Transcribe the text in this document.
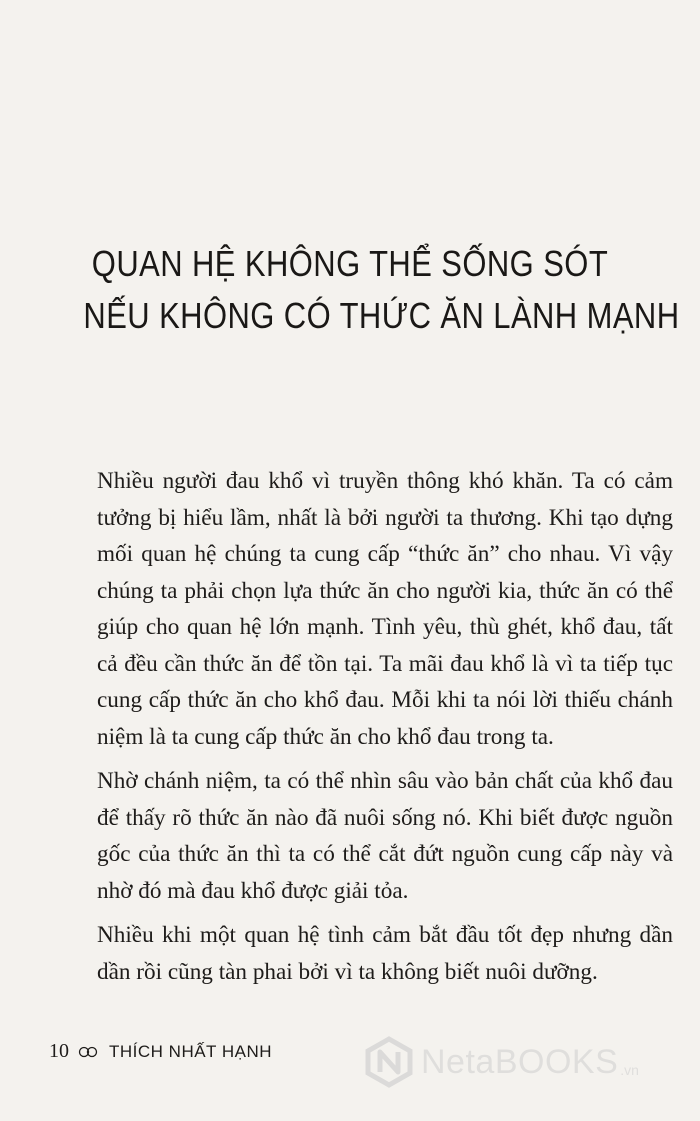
QUAN HỆ KHÔNG THỂ SỐNG SÓT
NẾU KHÔNG CÓ THỨC ĂN LÀNH MẠNH

Nhiều người đau khổ vì truyền thông khó khăn. Ta có cảm tưởng bị hiểu lầm, nhất là bởi người ta thương. Khi tạo dựng mối quan hệ chúng ta cung cấp “thức ăn” cho nhau. Vì vậy chúng ta phải chọn lựa thức ăn cho người kia, thức ăn có thể giúp cho quan hệ lớn mạnh. Tình yêu, thù ghét, khổ đau, tất cả đều cần thức ăn để tồn tại. Ta mãi đau khổ là vì ta tiếp tục cung cấp thức ăn cho khổ đau. Mỗi khi ta nói lời thiếu chánh niệm là ta cung cấp thức ăn cho khổ đau trong ta.

Nhờ chánh niệm, ta có thể nhìn sâu vào bản chất của khổ đau để thấy rõ thức ăn nào đã nuôi sống nó. Khi biết được nguồn gốc của thức ăn thì ta có thể cắt đứt nguồn cung cấp này và nhờ đó mà đau khổ được giải tỏa.

Nhiều khi một quan hệ tình cảm bắt đầu tốt đẹp nhưng dần dần rồi cũng tàn phai bởi vì ta không biết nuôi dưỡng.

10 THÍCH NHẤT HẠNH	NetaBOOKS .vn
